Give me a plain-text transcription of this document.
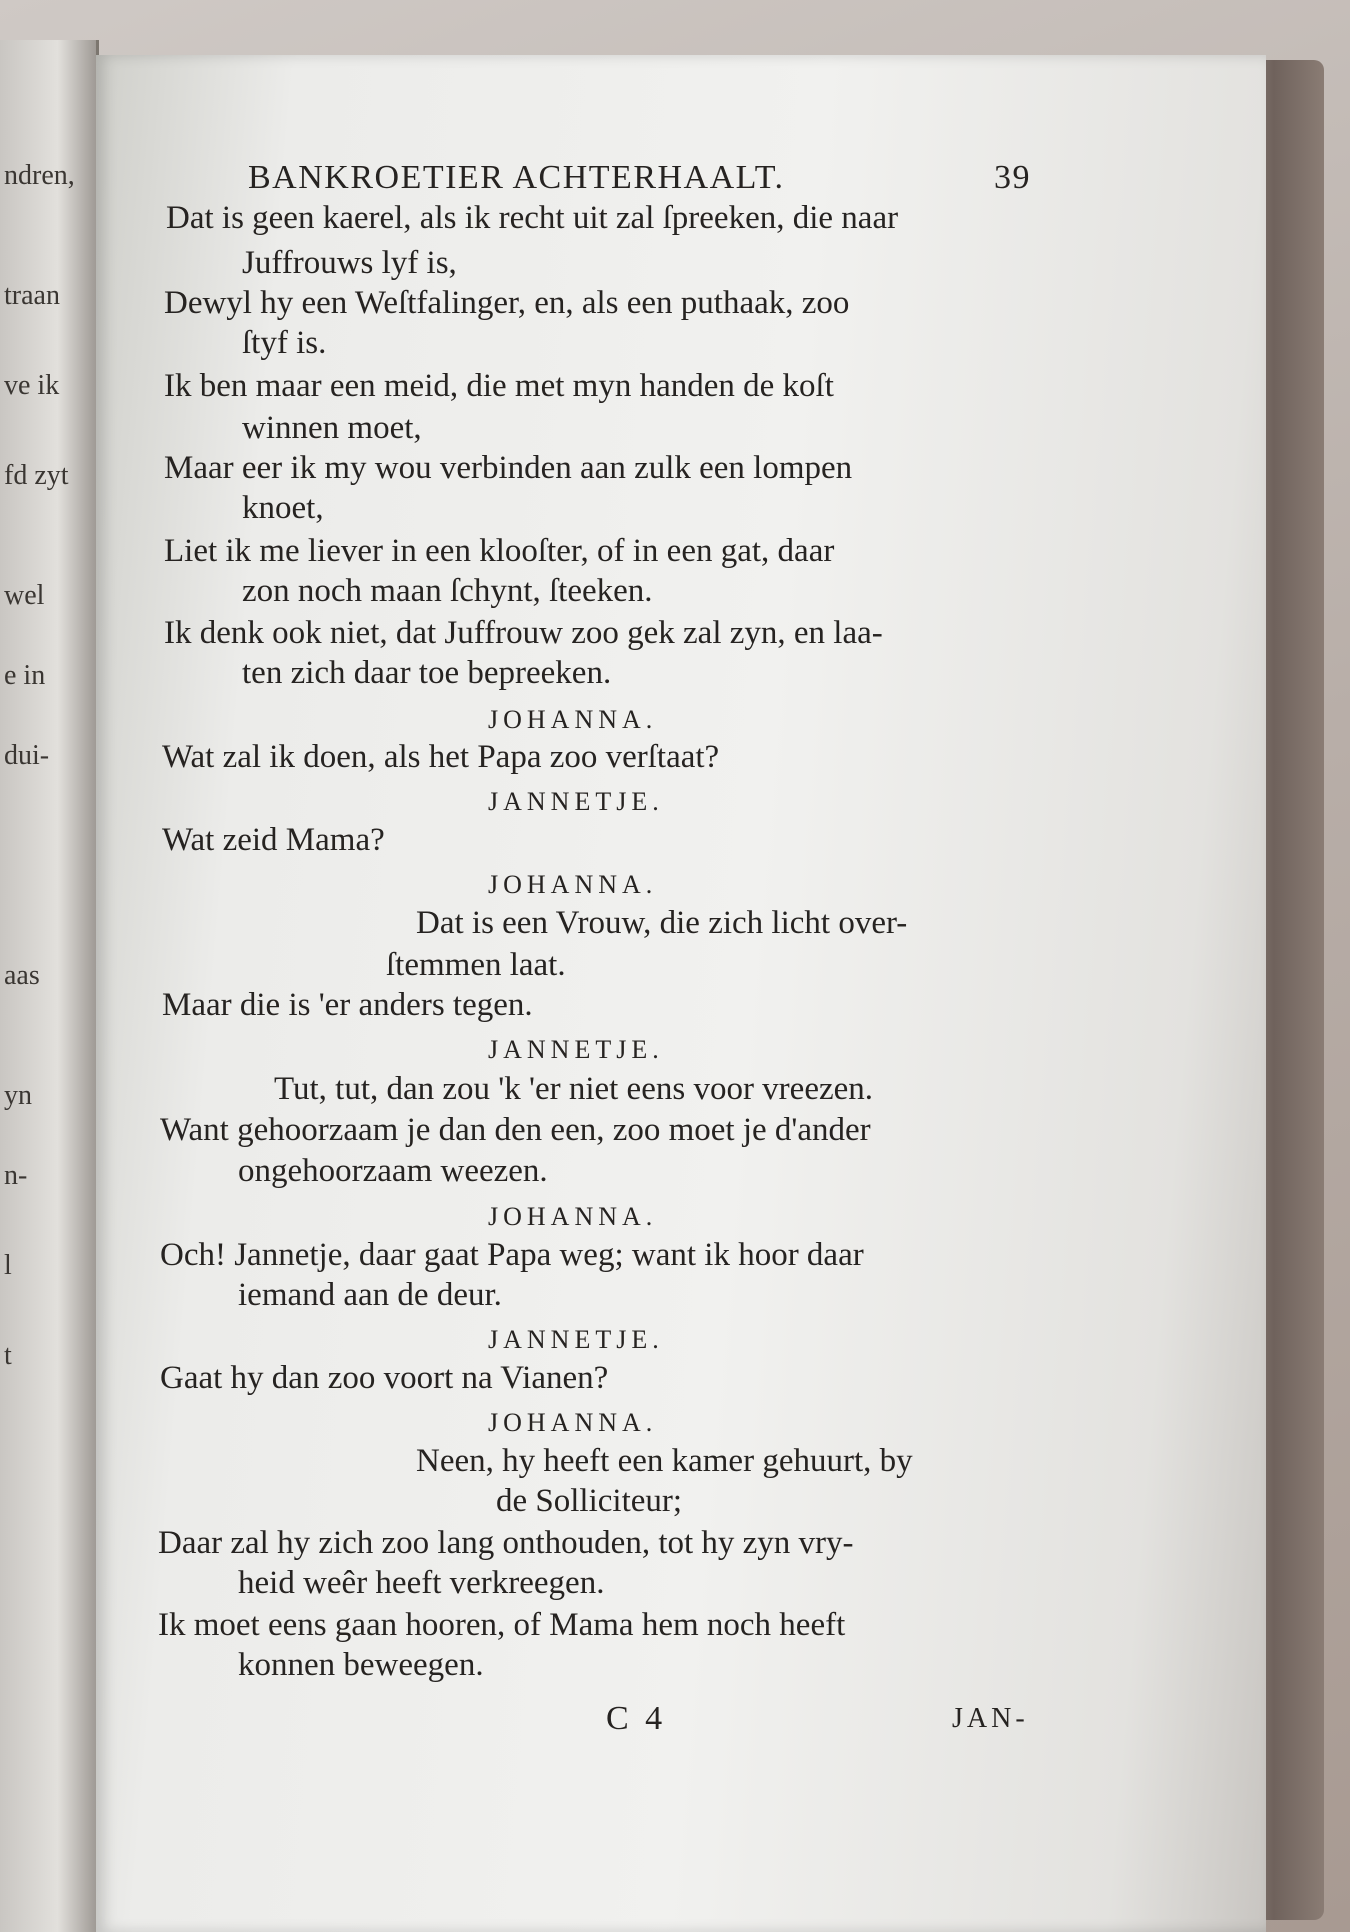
ndren,
traan
ve ik
fd zyt
wel
e in
dui-
aas
yn
n-
l
t
BANKROETIER ACHTERHAALT.	39
Dat is geen kaerel, als ik recht uit zal ſpreeken, die naar
Juffrouws lyf is,
Dewyl hy een Weſtfalinger, en, als een puthaak, zoo
ſtyf is.
Ik ben maar een meid, die met myn handen de koſt
winnen moet,
Maar eer ik my wou verbinden aan zulk een lompen
knoet,
Liet ik me liever in een klooſter, of in een gat, daar
zon noch maan ſchynt, ſteeken.
Ik denk ook niet, dat Juffrouw zoo gek zal zyn, en laa-
ten zich daar toe bepreeken.
JOHANNA.
Wat zal ik doen, als het Papa zoo verſtaat?
JANNETJE.
Wat zeid Mama?
JOHANNA.
Dat is een Vrouw, die zich licht over-
ſtemmen laat.
Maar die is 'er anders tegen.
JANNETJE.
Tut, tut, dan zou 'k 'er niet eens voor vreezen.
Want gehoorzaam je dan den een, zoo moet je d'ander
ongehoorzaam weezen.
JOHANNA.
Och! Jannetje, daar gaat Papa weg; want ik hoor daar
iemand aan de deur.
JANNETJE.
Gaat hy dan zoo voort na Vianen?
JOHANNA.
Neen, hy heeft een kamer gehuurt, by
de Solliciteur;
Daar zal hy zich zoo lang onthouden, tot hy zyn vry-
heid weêr heeft verkreegen.
Ik moet eens gaan hooren, of Mama hem noch heeft
konnen beweegen.
C 4	JAN-
